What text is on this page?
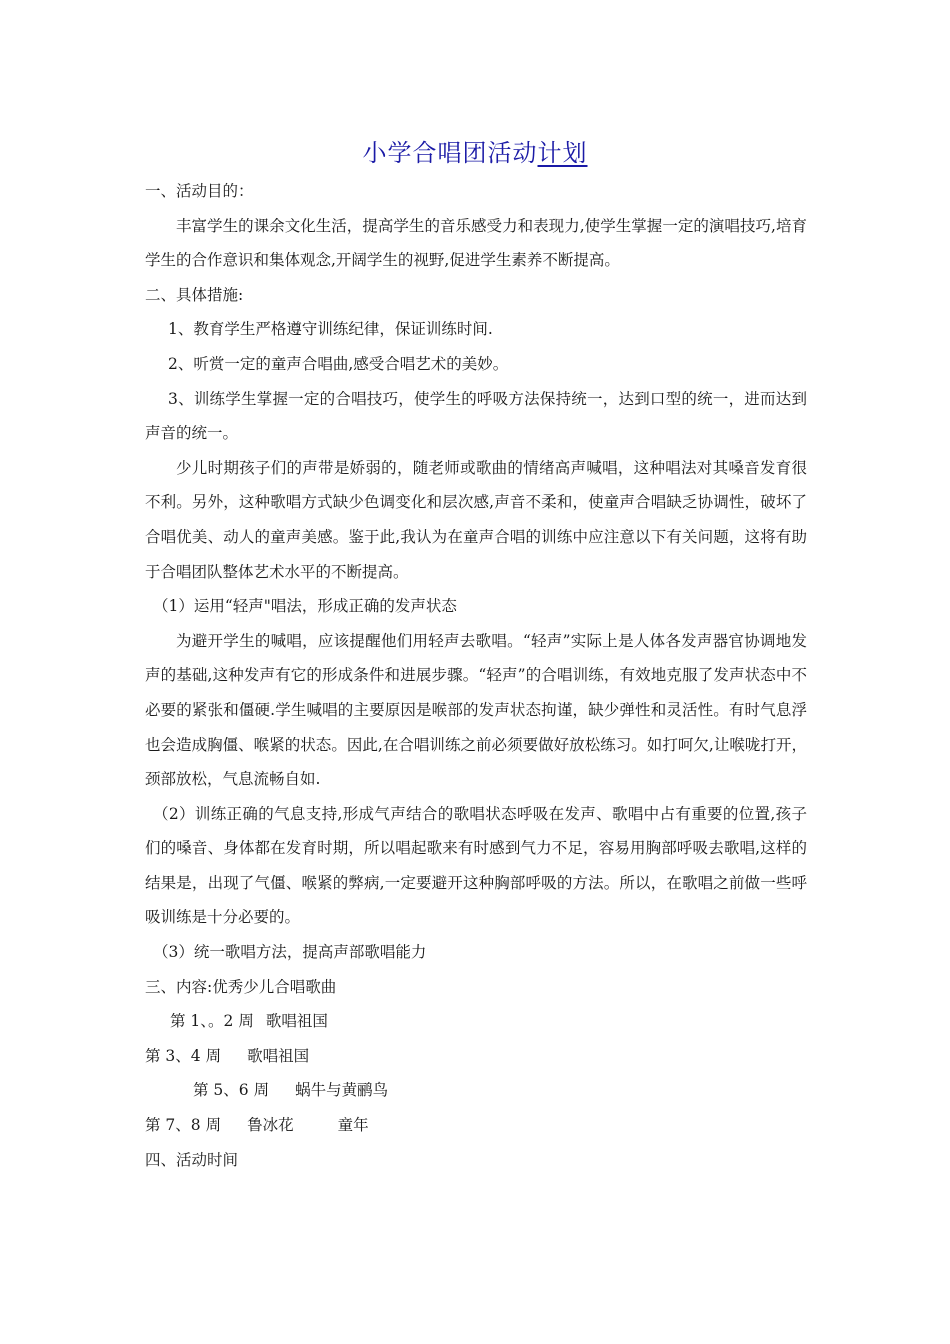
小学合唱团活动计划

一、活动目的：

丰富学生的课余文化生活，提高学生的音乐感受力和表现力,使学生掌握一定的演唱技巧,培育学生的合作意识和集体观念,开阔学生的视野,促进学生素养不断提高。

二、具体措施:

1、教育学生严格遵守训练纪律，保证训练时间.

2、听赏一定的童声合唱曲,感受合唱艺术的美妙。

3、训练学生掌握一定的合唱技巧，使学生的呼吸方法保持统一，达到口型的统一，进而达到声音的统一。

少儿时期孩子们的声带是娇弱的，随老师或歌曲的情绪高声喊唱，这种唱法对其嗓音发育很不利。另外，这种歌唱方式缺少色调变化和层次感,声音不柔和，使童声合唱缺乏协调性，破坏了合唱优美、动人的童声美感。鉴于此,我认为在童声合唱的训练中应注意以下有关问题，这将有助于合唱团队整体艺术水平的不断提高。

（1）运用“轻声"唱法，形成正确的发声状态

为避开学生的喊唱，应该提醒他们用轻声去歌唱。“轻声”实际上是人体各发声器官协调地发声的基础,这种发声有它的形成条件和进展步骤。“轻声”的合唱训练，有效地克服了发声状态中不必要的紧张和僵硬.学生喊唱的主要原因是喉部的发声状态拘谨，缺少弹性和灵活性。有时气息浮也会造成胸僵、喉紧的状态。因此,在合唱训练之前必须要做好放松练习。如打呵欠,让喉咙打开，颈部放松，气息流畅自如.

（2）训练正确的气息支持,形成气声结合的歌唱状态呼吸在发声、歌唱中占有重要的位置,孩子们的嗓音、身体都在发育时期，所以唱起歌来有时感到气力不足，容易用胸部呼吸去歌唱,这样的结果是，出现了气僵、喉紧的弊病,一定要避开这种胸部呼吸的方法。所以，在歌唱之前做一些呼吸训练是十分必要的。

（3）统一歌唱方法，提高声部歌唱能力

三、内容:优秀少儿合唱歌曲

第 1、。2 周 歌唱祖国

第 3、4 周 歌唱祖国

第 5、6 周 蜗牛与黄鹂鸟

第 7、8 周 鲁冰花	童年

四、活动时间
